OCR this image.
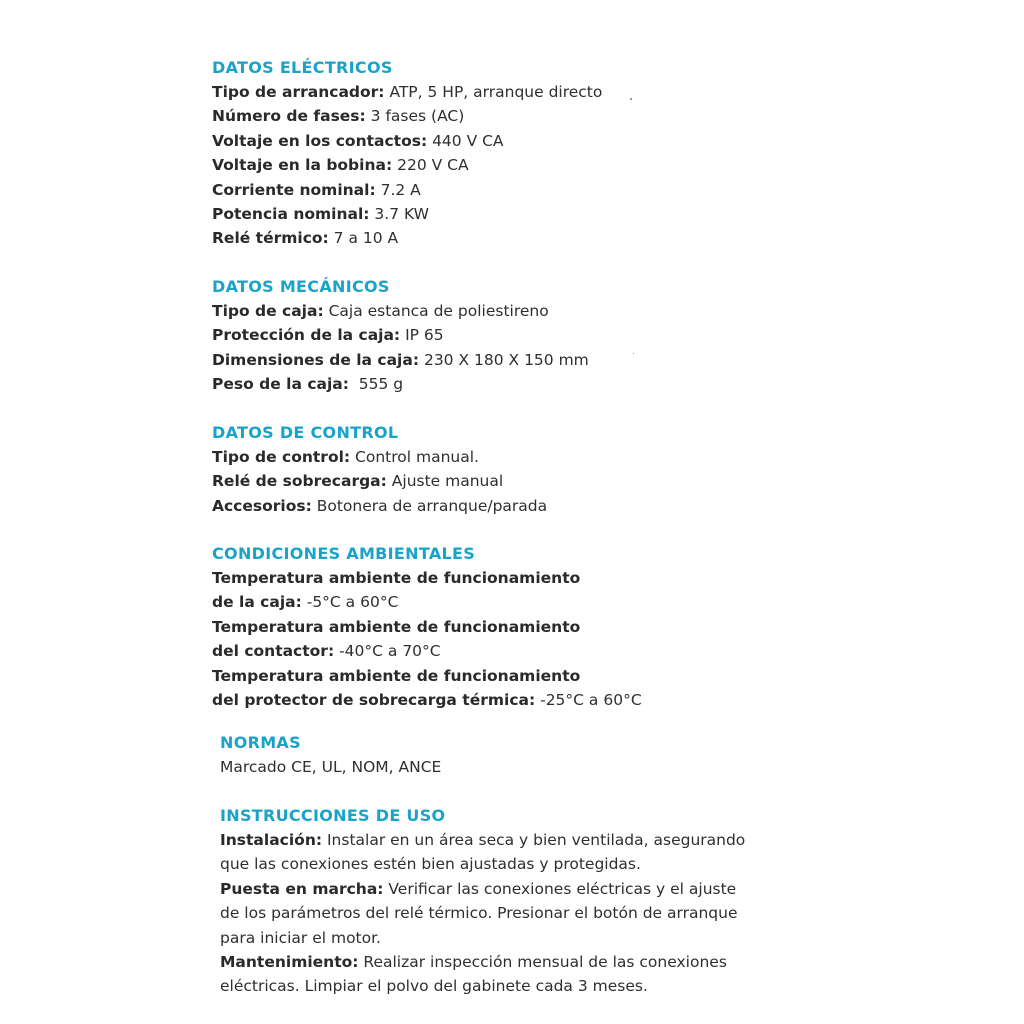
DATOS ELÉCTRICOS
Tipo de arrancador: ATP, 5 HP, arranque directo
Número de fases: 3 fases (AC)
Voltaje en los contactos: 440 V CA
Voltaje en la bobina: 220 V CA
Corriente nominal: 7.2 A
Potencia nominal: 3.7 KW
Relé térmico: 7 a 10 A
DATOS MECÁNICOS
Tipo de caja: Caja estanca de poliestireno
Protección de la caja: IP 65
Dimensiones de la caja: 230 X 180 X 150 mm
Peso de la caja:  555 g
DATOS DE CONTROL
Tipo de control: Control manual.
Relé de sobrecarga: Ajuste manual
Accesorios: Botonera de arranque/parada
CONDICIONES AMBIENTALES
Temperatura ambiente de funcionamiento
de la caja: -5°C a 60°C
Temperatura ambiente de funcionamiento
del contactor: -40°C a 70°C
Temperatura ambiente de funcionamiento
del protector de sobrecarga térmica: -25°C a 60°C
NORMAS
Marcado CE, UL, NOM, ANCE
INSTRUCCIONES DE USO
Instalación: Instalar en un área seca y bien ventilada, asegurando
que las conexiones estén bien ajustadas y protegidas.
Puesta en marcha: Verificar las conexiones eléctricas y el ajuste
de los parámetros del relé térmico. Presionar el botón de arranque
para iniciar el motor.
Mantenimiento: Realizar inspección mensual de las conexiones
eléctricas. Limpiar el polvo del gabinete cada 3 meses.
